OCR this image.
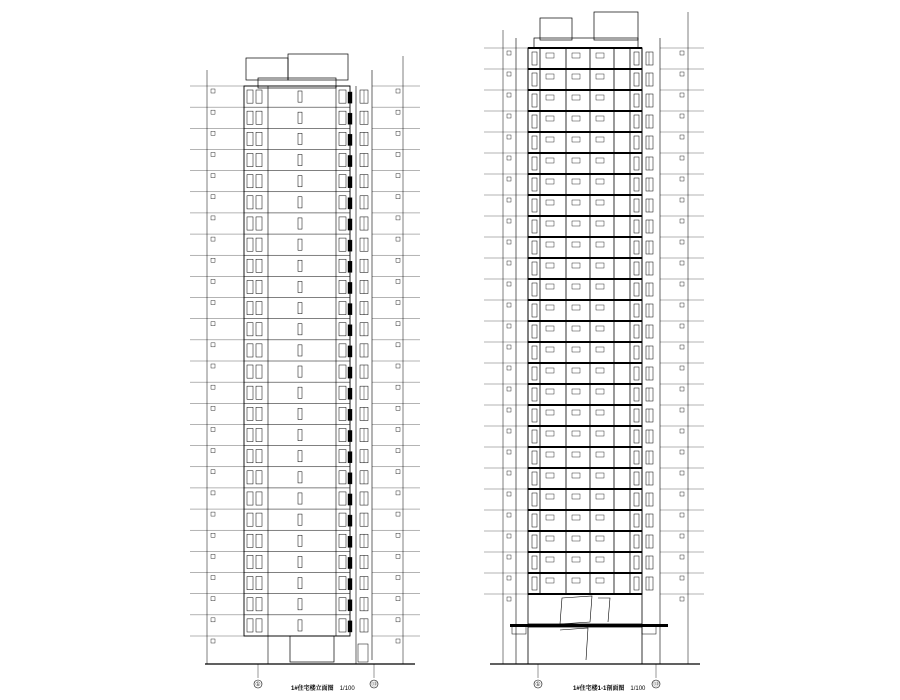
①	⑬	①	⑬
1#住宅楼立面图 1/100	1#住宅楼1-1剖面图 1/100
